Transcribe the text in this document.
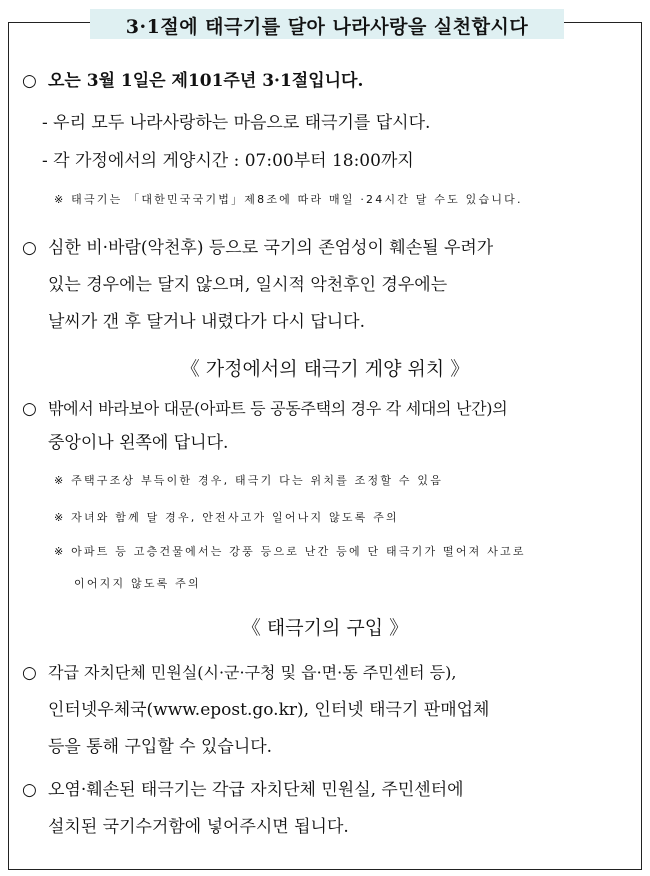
3·1절에 태극기를 달아 나라사랑을 실천합시다
○ 오는 3월 1일은 제101주년 3·1절입니다.
- 우리 모두 나라사랑하는 마음으로 태극기를 답시다.
- 각 가정에서의 게양시간 : 07:00부터 18:00까지
※ 태극기는 「대한민국국기법」제8조에 따라 매일 ·24시간 달 수도 있습니다.
○ 심한 비·바람(악천후) 등으로 국기의 존엄성이 훼손될 우려가
있는 경우에는 달지 않으며, 일시적 악천후인 경우에는
날씨가 갠 후 달거나 내렸다가 다시 답니다.
《 가정에서의 태극기 게양 위치 》
○ 밖에서 바라보아 대문(아파트 등 공동주택의 경우 각 세대의 난간)의
중앙이나 왼쪽에 답니다.
※ 주택구조상 부득이한 경우, 태극기 다는 위치를 조정할 수 있음
※ 자녀와 함께 달 경우, 안전사고가 일어나지 않도록 주의
※ 아파트 등 고층건물에서는 강풍 등으로 난간 등에 단 태극기가 떨어져 사고로
이어지지 않도록 주의
《 태극기의 구입 》
○ 각급 자치단체 민원실(시·군·구청 및 읍·면·동 주민센터 등),
인터넷우체국(www.epost.go.kr), 인터넷 태극기 판매업체
등을 통해 구입할 수 있습니다.
○ 오염·훼손된 태극기는 각급 자치단체 민원실, 주민센터에
설치된 국기수거함에 넣어주시면 됩니다.
